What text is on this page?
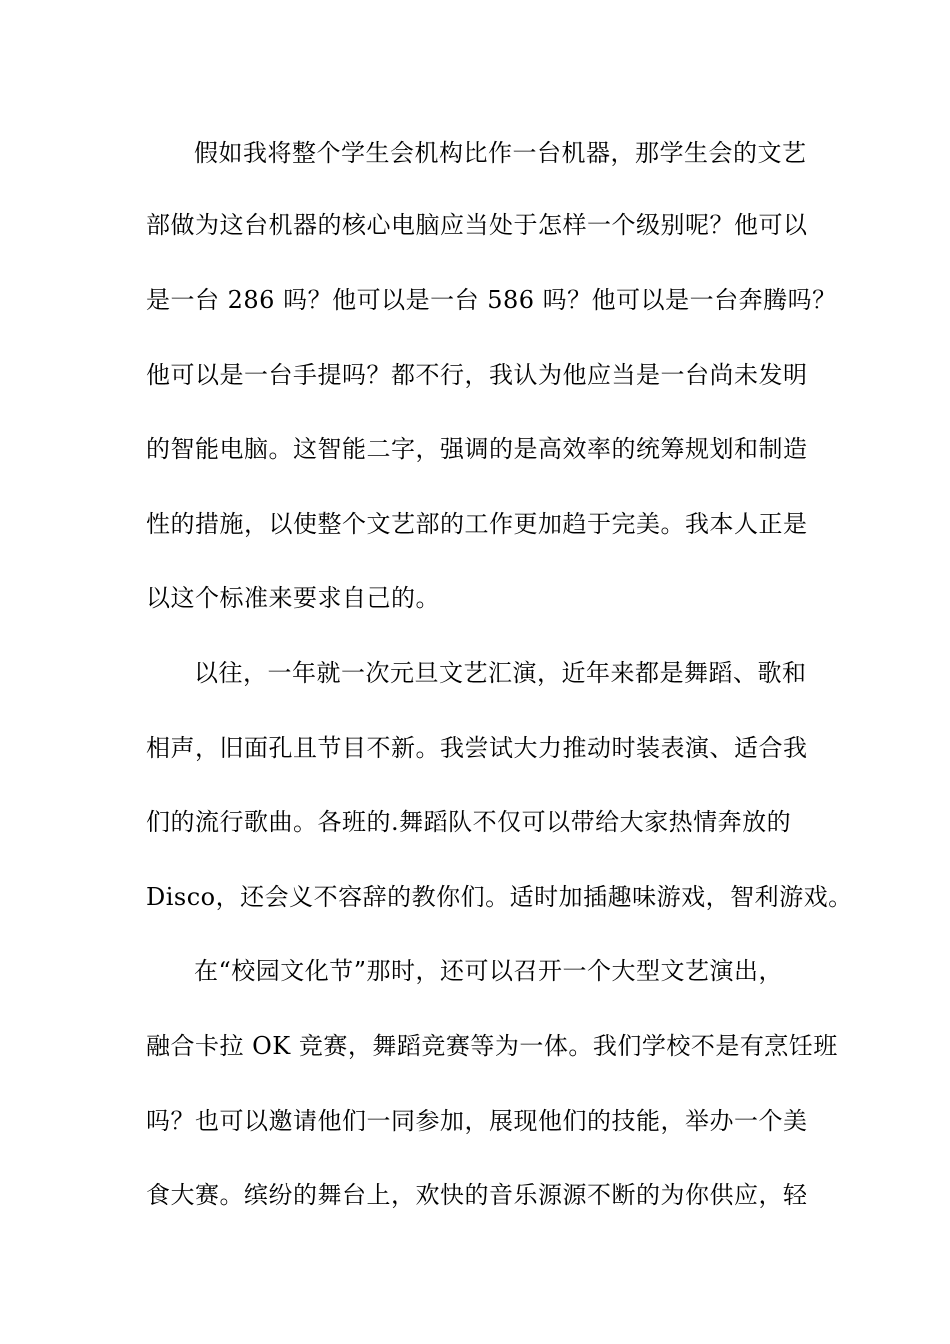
假如我将整个学生会机构比作一台机器，那学生会的文艺
部做为这台机器的核心电脑应当处于怎样一个级别呢？他可以
是一台 286 吗？他可以是一台 586 吗？他可以是一台奔腾吗？
他可以是一台手提吗？都不行，我认为他应当是一台尚未发明
的智能电脑。这智能二字，强调的是高效率的统筹规划和制造
性的措施，以使整个文艺部的工作更加趋于完美。我本人正是
以这个标准来要求自己的。
以往，一年就一次元旦文艺汇演，近年来都是舞蹈、歌和
相声，旧面孔且节目不新。我尝试大力推动时装表演、适合我
们的流行歌曲。各班的.舞蹈队不仅可以带给大家热情奔放的
Disco，还会义不容辞的教你们。适时加插趣味游戏，智利游戏。
在“校园文化节”那时，还可以召开一个大型文艺演出，
融合卡拉 OK 竞赛，舞蹈竞赛等为一体。我们学校不是有烹饪班
吗？也可以邀请他们一同参加，展现他们的技能，举办一个美
食大赛。缤纷的舞台上，欢快的音乐源源不断的为你供应，轻
